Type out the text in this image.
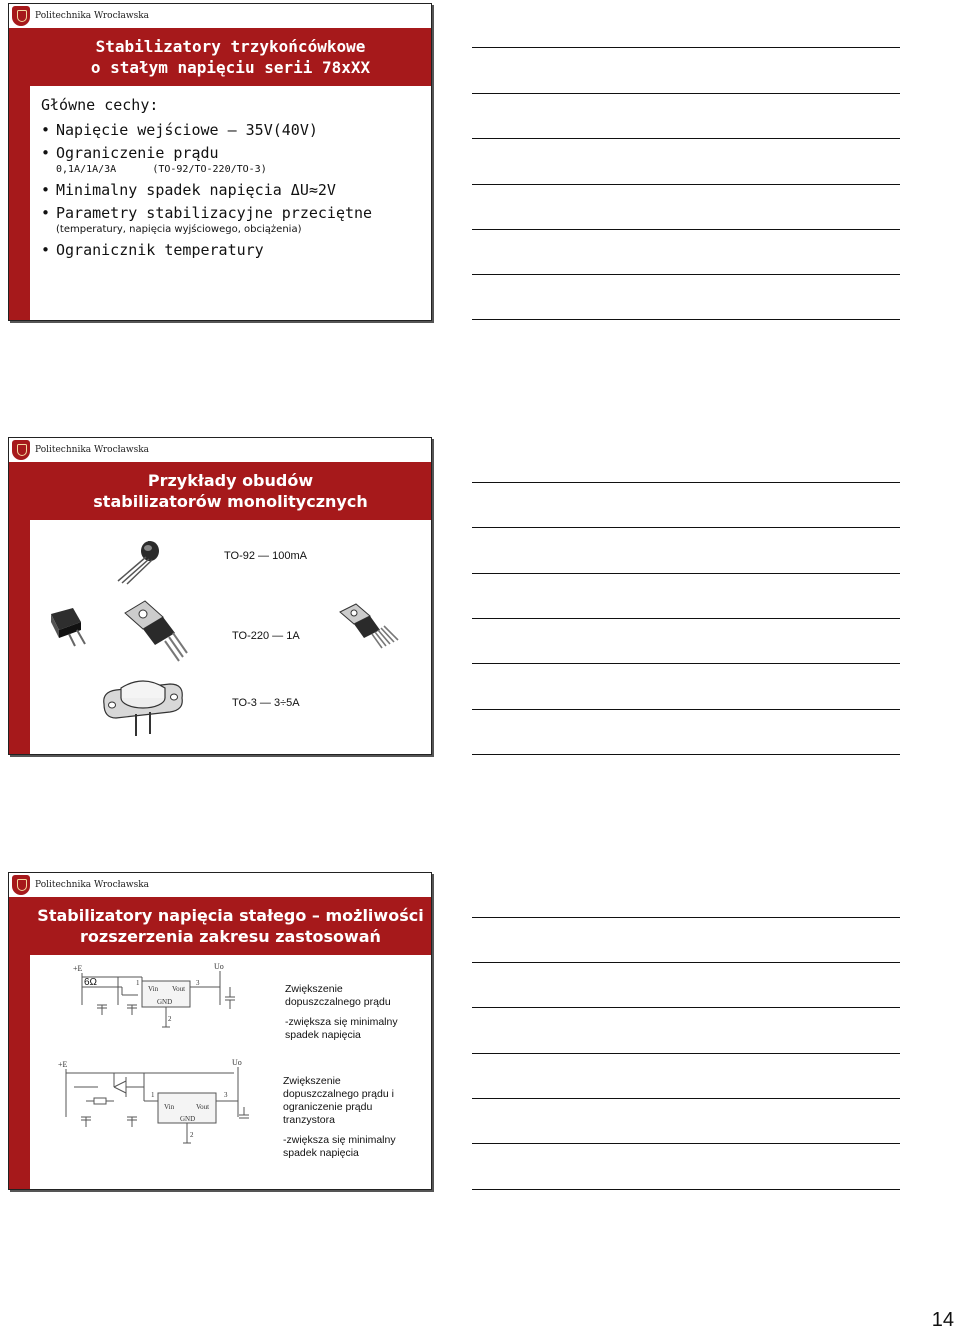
Politechnika Wrocławska
Stabilizatory trzykońcówkowe
o stałym napięciu serii 78xXX
Główne cechy:
• Napięcie wejściowe – 35V(40V)
• Ograniczenie prądu
0,1A/1A/3A      (TO-92/TO-220/TO-3)
• Minimalny spadek napięcia ΔU≈2V
• Parametry stabilizacyjne przeciętne
(temperatury, napięcia wyjściowego, obciążenia)
• Ogranicznik temperatury
Politechnika Wrocławska
Przykłady obudów
stabilizatorów monolitycznych
TO-92 — 100mA
TO-220 — 1A
TO-3 — 3÷5A
Politechnika Wrocławska
Stabilizatory napięcia stałego – możliwości
rozszerzenia zakresu zastosowań
+E	Uo
6Ω
Vin Vout
GND
1
2
3	Zwiększenie dopuszczalnego prądu

-zwiększa się minimalny spadek napięcia

+E	Uo
Vin	Vout
GND
1
2
3

Zwiększenie dopuszczalnego prądu i ograniczenie prądu tranzystora

-zwiększa się minimalny spadek napięcia

14
